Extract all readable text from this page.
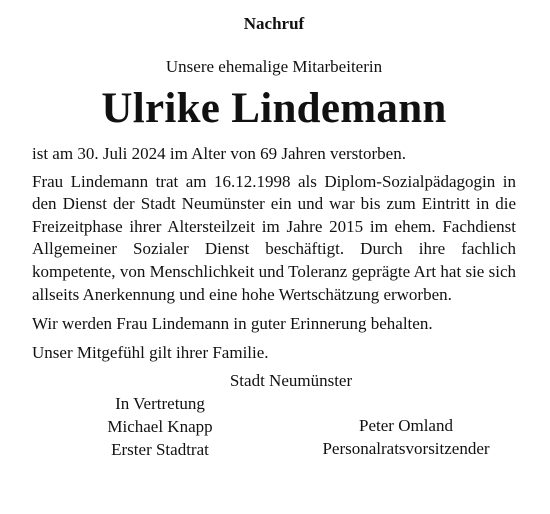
Nachruf
Unsere ehemalige Mitarbeiterin
Ulrike Lindemann

ist am 30. Juli 2024 im Alter von 69 Jahren verstorben.

Frau Lindemann trat am 16.12.1998 als Diplom-Sozialpädagogin in den Dienst der Stadt Neumünster ein und war bis zum Eintritt in die Freizeitphase ihrer Altersteilzeit im Jahre 2015 im ehem. Fachdienst Allgemeiner Sozialer Dienst beschäftigt. Durch ihre fachlich kompetente, von Menschlichkeit und Toleranz geprägte Art hat sie sich allseits Anerkennung und eine hohe Wertschätzung erworben.

Wir werden Frau Lindemann in guter Erinnerung behalten.

Unser Mitgefühl gilt ihrer Familie.

Stadt Neumünster
In Vertretung
Michael Knapp
Erster Stadtrat
Peter Omland
Personalratsvorsitzender
